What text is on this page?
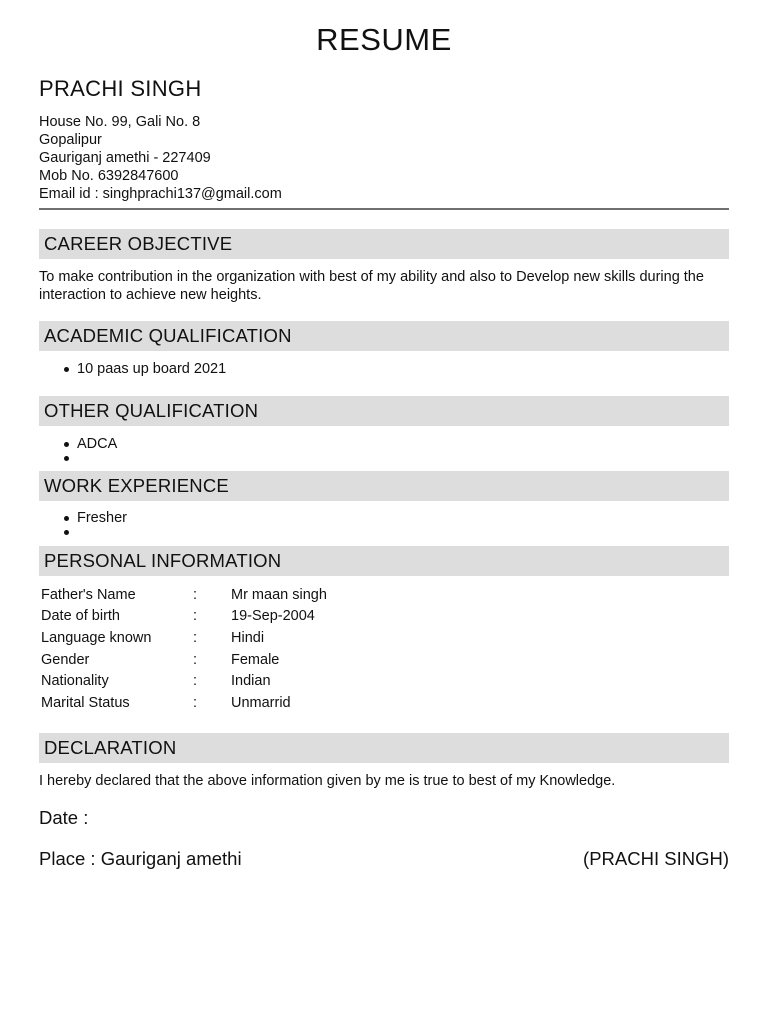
RESUME
PRACHI SINGH
House No. 99, Gali No. 8
Gopalipur
Gauriganj amethi - 227409
Mob No. 6392847600
Email id : singhprachi137@gmail.com
CAREER OBJECTIVE
To make contribution in the organization with best of my ability and also to Develop new skills during the interaction to achieve new heights.
ACADEMIC QUALIFICATION
10 paas up board 2021
OTHER QUALIFICATION
ADCA
WORK EXPERIENCE
Fresher
PERSONAL INFORMATION
Father's Name	:	Mr maan singh
Date of birth	:	19-Sep-2004
Language known	:	Hindi
Gender	:	Female
Nationality	:	Indian
Marital Status	:	Unmarrid
DECLARATION
I hereby declared that the above information given by me is true to best of my Knowledge.
Date :
Place : Gauriganj amethi	(PRACHI SINGH)
